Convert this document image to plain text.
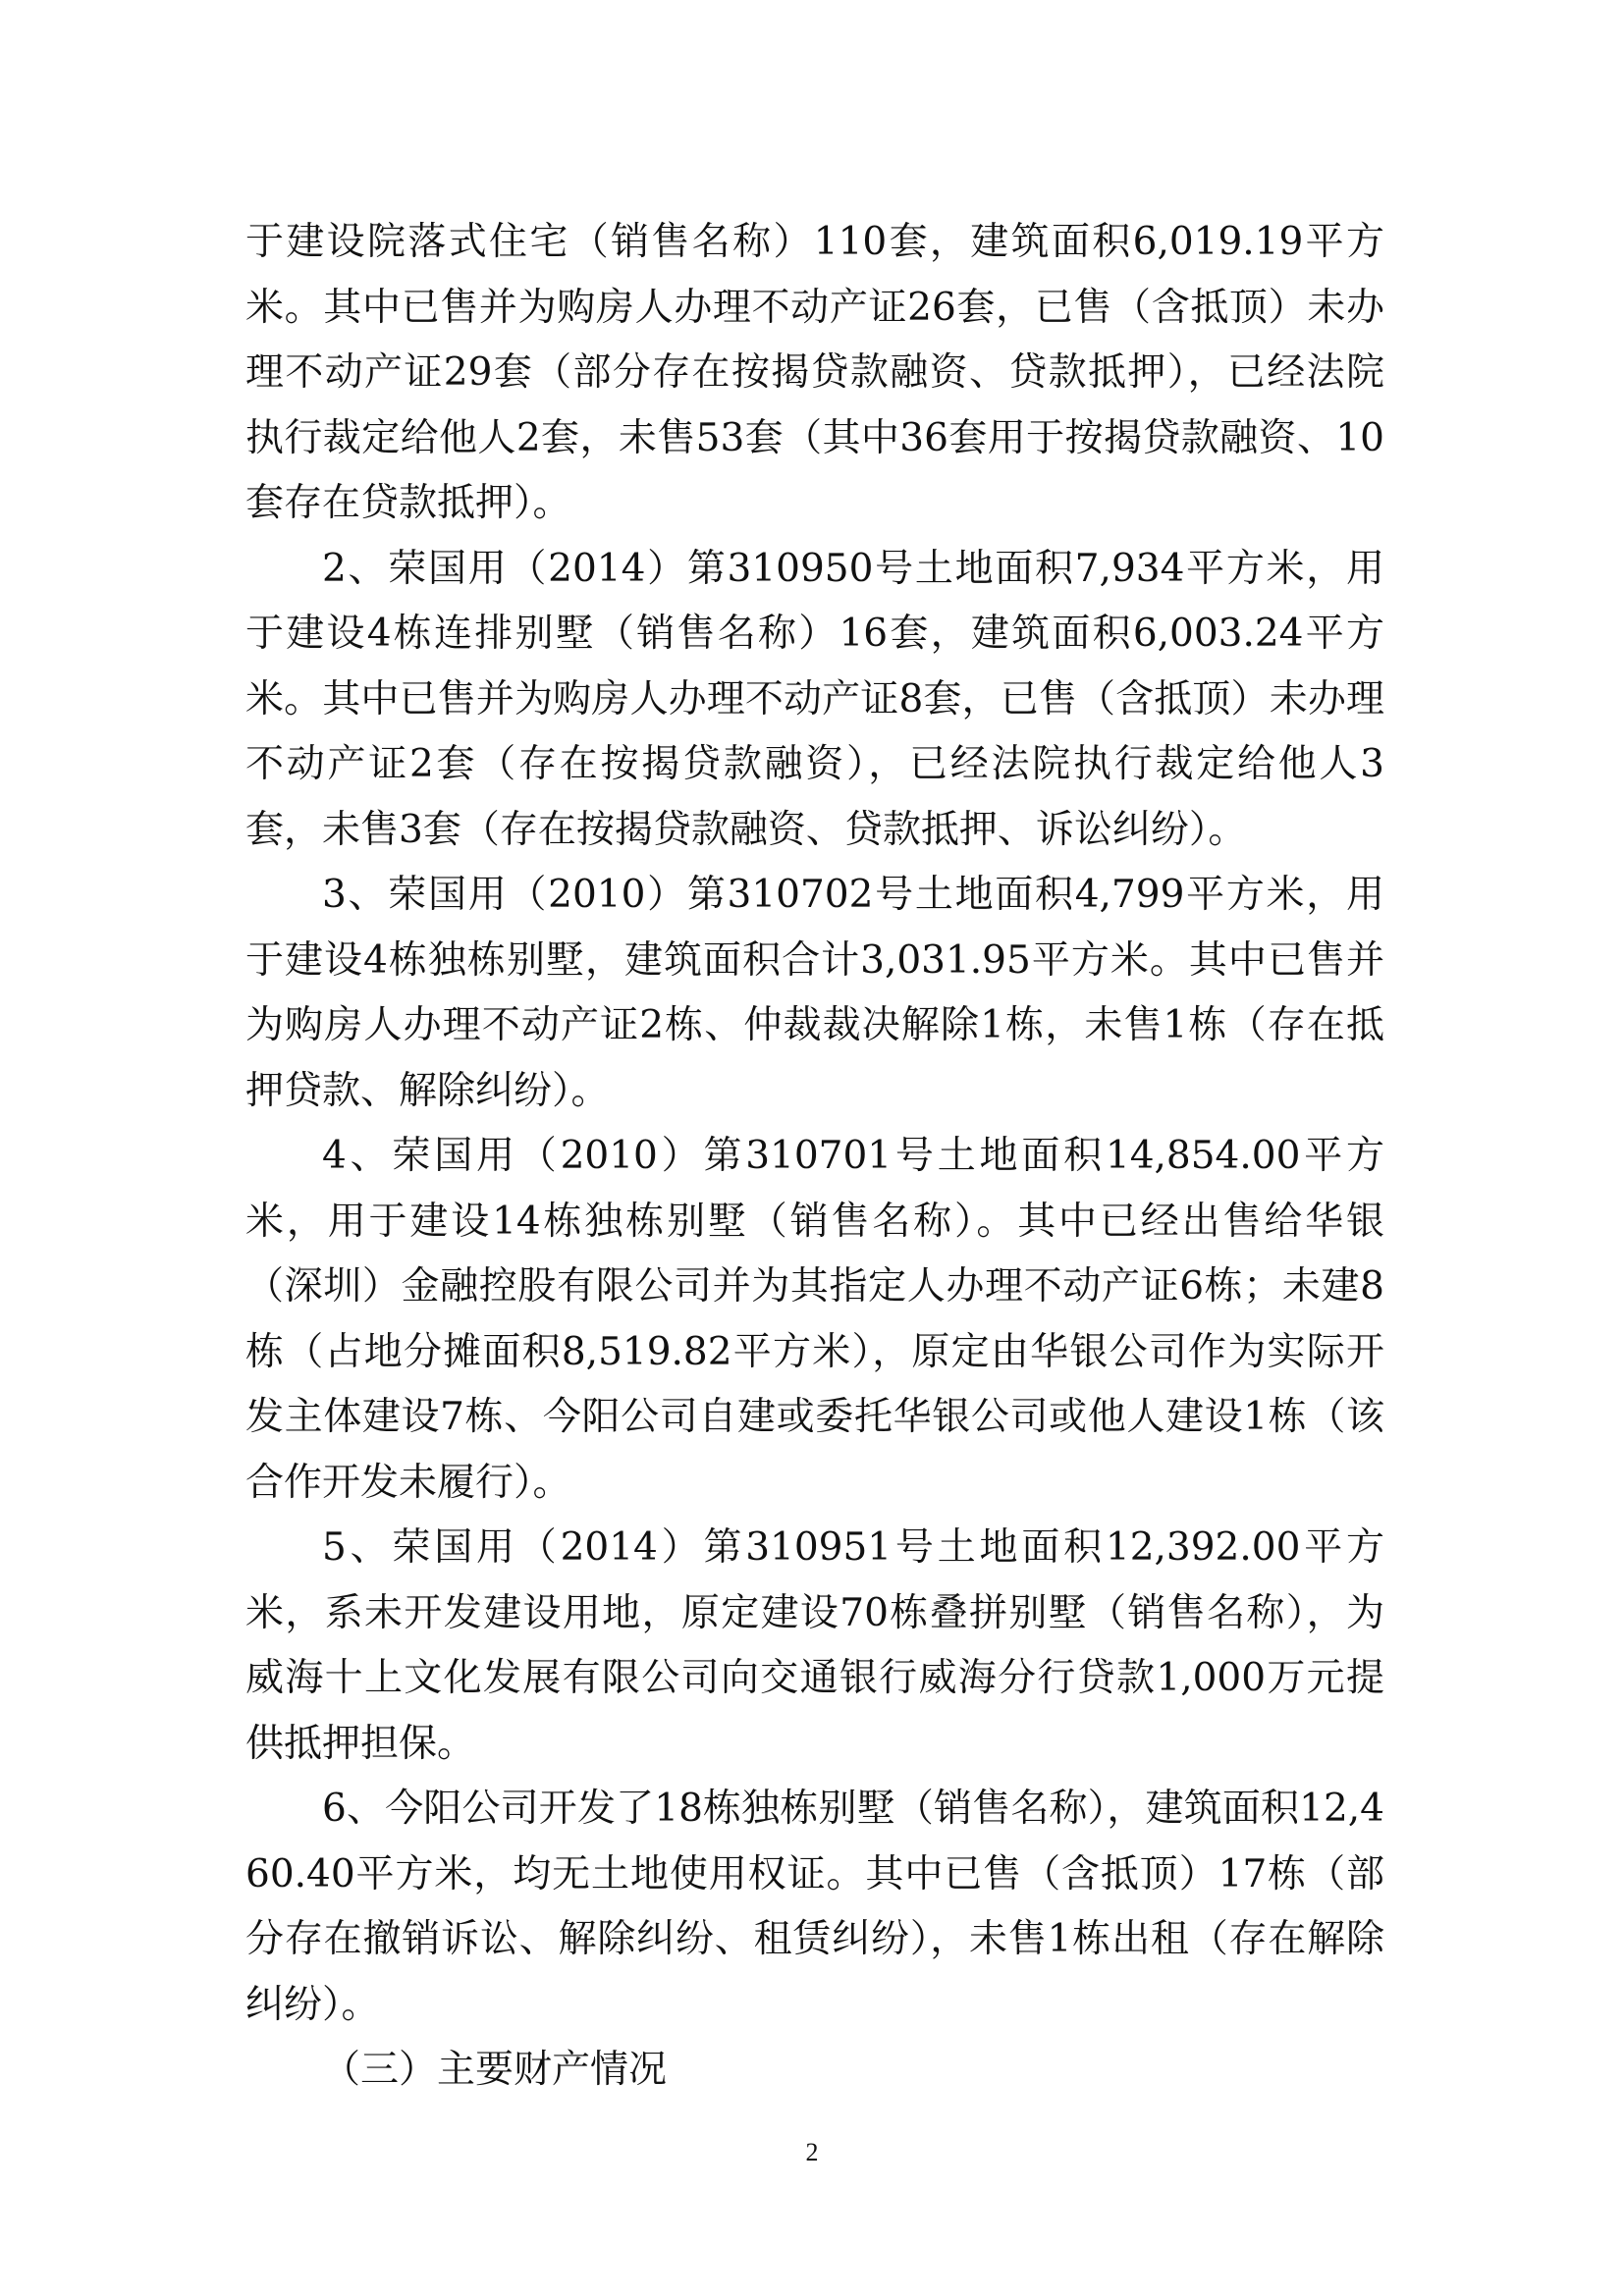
于建设院落式住宅（销售名称）110套，建筑面积6,019.19平方米。其中已售并为购房人办理不动产证26套，已售（含抵顶）未办理不动产证29套（部分存在按揭贷款融资、贷款抵押），已经法院执行裁定给他人2套，未售53套（其中36套用于按揭贷款融资、10套存在贷款抵押）。

2、荣国用（2014）第310950号土地面积7,934平方米，用于建设4栋连排别墅（销售名称）16套，建筑面积6,003.24平方米。其中已售并为购房人办理不动产证8套，已售（含抵顶）未办理不动产证2套（存在按揭贷款融资），已经法院执行裁定给他人3套，未售3套（存在按揭贷款融资、贷款抵押、诉讼纠纷）。

3、荣国用（2010）第310702号土地面积4,799平方米，用于建设4栋独栋别墅，建筑面积合计3,031.95平方米。其中已售并为购房人办理不动产证2栋、仲裁裁决解除1栋，未售1栋（存在抵押贷款、解除纠纷）。

4、荣国用（2010）第310701号土地面积14,854.00平方米，用于建设14栋独栋别墅（销售名称）。其中已经出售给华银（深圳）金融控股有限公司并为其指定人办理不动产证6栋；未建8栋（占地分摊面积8,519.82平方米），原定由华银公司作为实际开发主体建设7栋、今阳公司自建或委托华银公司或他人建设1栋（该合作开发未履行）。

5、荣国用（2014）第310951号土地面积12,392.00平方米，系未开发建设用地，原定建设70栋叠拼别墅（销售名称），为威海十上文化发展有限公司向交通银行威海分行贷款1,000万元提供抵押担保。

6、今阳公司开发了18栋独栋别墅（销售名称），建筑面积12,460.40平方米，均无土地使用权证。其中已售（含抵顶）17栋（部分存在撤销诉讼、解除纠纷、租赁纠纷），未售1栋出租（存在解除纠纷）。

（三）主要财产情况

2
